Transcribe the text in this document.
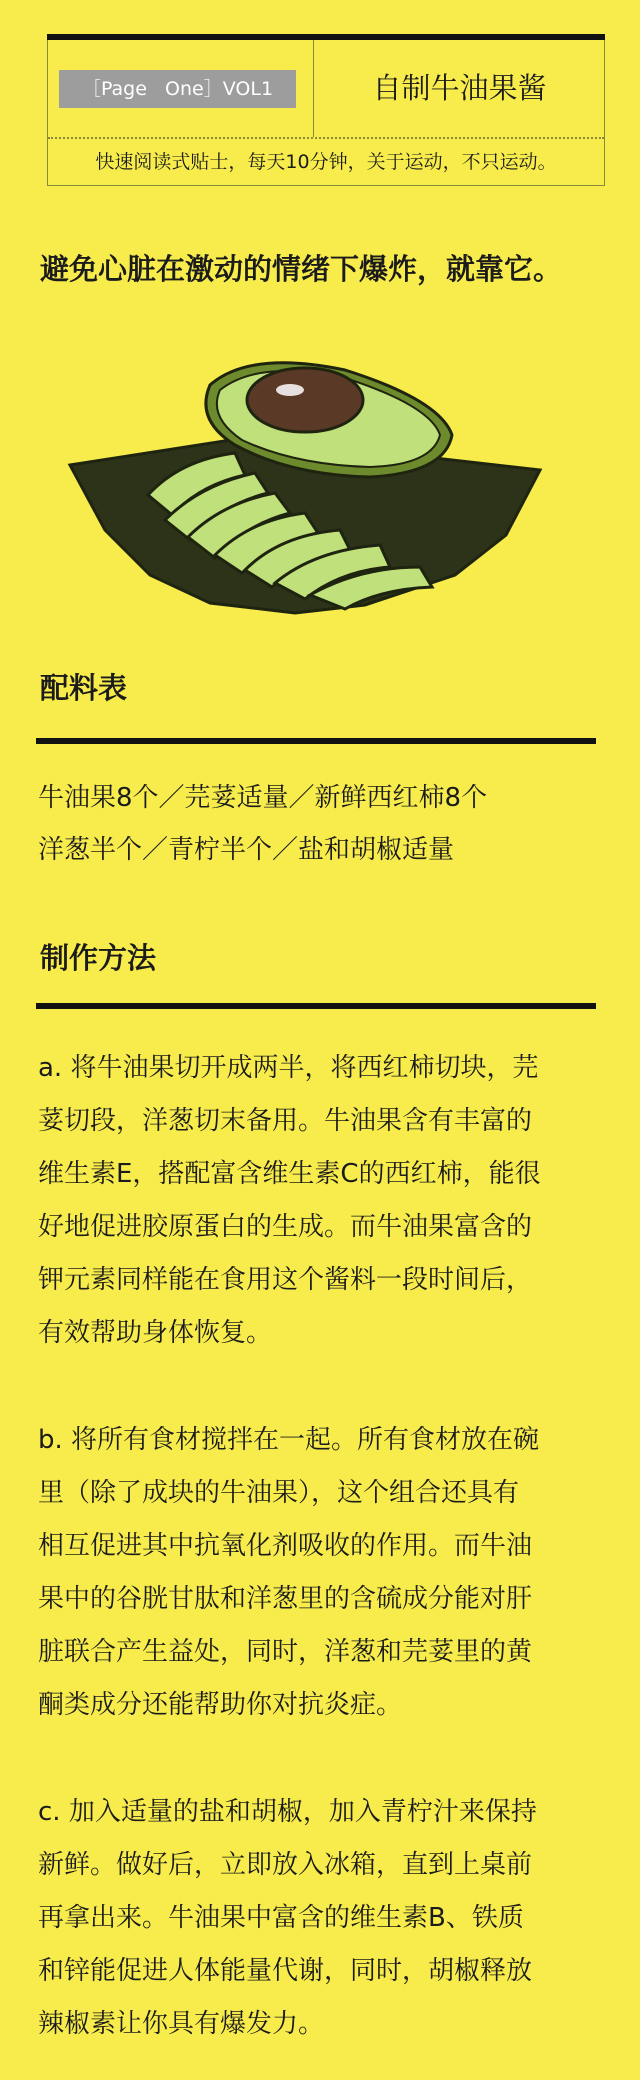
［Page   One］VOL1	自制牛油果酱
快速阅读式贴士，每天10分钟，关于运动，不只运动。
避免心脏在激动的情绪下爆炸，就靠它。
配料表
牛油果8个／芫荽适量／新鲜西红柿8个
洋葱半个／青柠半个／盐和胡椒适量
制作方法
a. 将牛油果切开成两半，将西红柿切块，芫
荽切段，洋葱切末备用。牛油果含有丰富的
维生素E，搭配富含维生素C的西红柿，能很
好地促进胶原蛋白的生成。而牛油果富含的
钾元素同样能在食用这个酱料一段时间后，
有效帮助身体恢复。
b. 将所有食材搅拌在一起。所有食材放在碗
里（除了成块的牛油果），这个组合还具有
相互促进其中抗氧化剂吸收的作用。而牛油
果中的谷胱甘肽和洋葱里的含硫成分能对肝
脏联合产生益处，同时，洋葱和芫荽里的黄
酮类成分还能帮助你对抗炎症。
c. 加入适量的盐和胡椒，加入青柠汁来保持
新鲜。做好后，立即放入冰箱，直到上桌前
再拿出来。牛油果中富含的维生素B、铁质
和锌能促进人体能量代谢，同时，胡椒释放
辣椒素让你具有爆发力。
